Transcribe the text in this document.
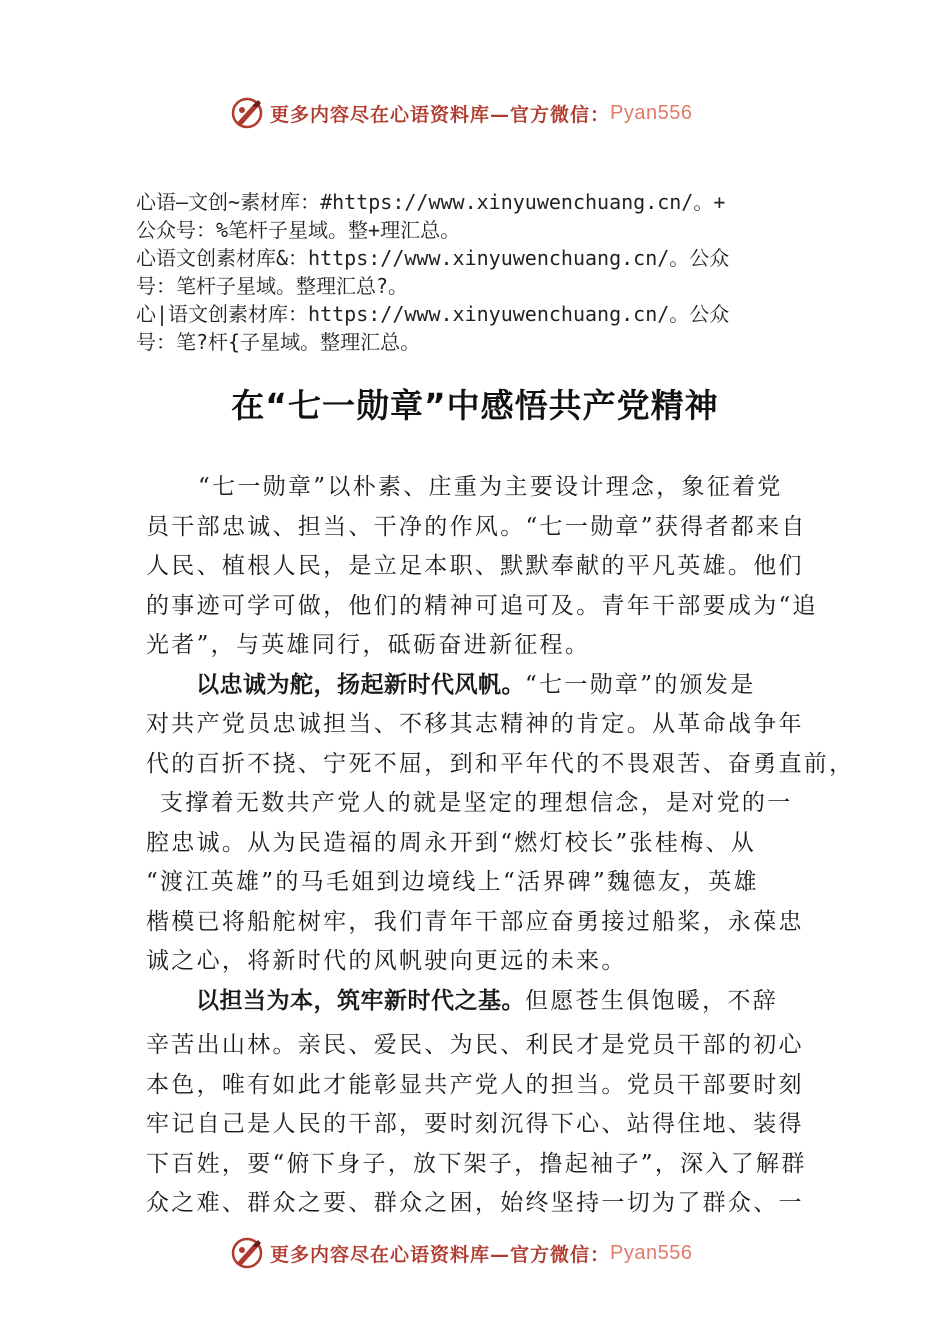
更多内容尽在心语资料库—官方微信： Pyan556

心语—文创~素材库：#https://www.xinyuwenchuang.cn/。+

公众号：%笔杆子星域。整+理汇总。

心语文创素材库&：https://www.xinyuwenchuang.cn/。公众

号：笔杆子星域。整理汇总?。

心|语文创素材库：https://www.xinyuwenchuang.cn/。公众

号：笔?杆{子星域。整理汇总。

在“七一勋章”中感悟共产党精神

“七一勋章”以朴素、庄重为主要设计理念，象征着党

员干部忠诚、担当、干净的作风。“七一勋章”获得者都来自

人民、植根人民，是立足本职、默默奉献的平凡英雄。他们

的事迹可学可做，他们的精神可追可及。青年干部要成为“追

光者”，与英雄同行，砥砺奋进新征程。

以忠诚为舵，扬起新时代风帆。“七一勋章”的颁发是

对共产党员忠诚担当、不移其志精神的肯定。从革命战争年

代的百折不挠、宁死不屈，到和平年代的不畏艰苦、奋勇直前，

支撑着无数共产党人的就是坚定的理想信念，是对党的一

腔忠诚。从为民造福的周永开到“燃灯校长”张桂梅、从

“渡江英雄”的马毛姐到边境线上“活界碑”魏德友，英雄

楷模已将船舵树牢，我们青年干部应奋勇接过船桨，永葆忠

诚之心，将新时代的风帆驶向更远的未来。

以担当为本，筑牢新时代之基。但愿苍生俱饱暖，不辞

辛苦出山林。亲民、爱民、为民、利民才是党员干部的初心

本色，唯有如此才能彰显共产党人的担当。党员干部要时刻

牢记自己是人民的干部，要时刻沉得下心、站得住地、装得

下百姓，要“俯下身子，放下架子，撸起袖子”，深入了解群

众之难、群众之要、群众之困，始终坚持一切为了群众、一

更多内容尽在心语资料库—官方微信： Pyan556
